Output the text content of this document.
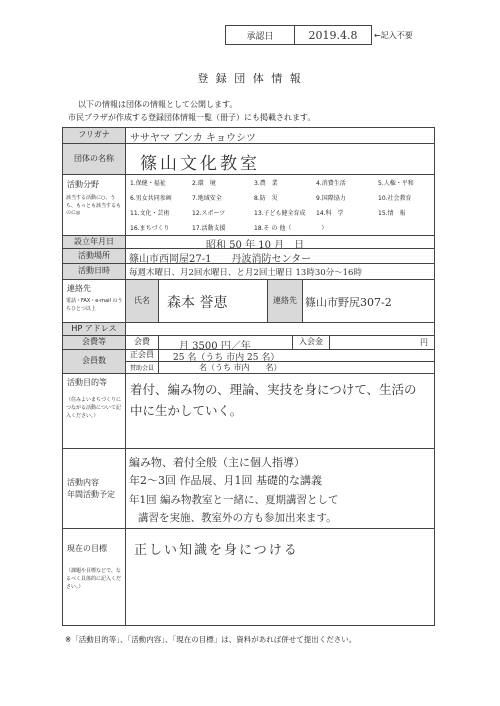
承認日	2019.4.8 ←記入不要
登 録 団 体 情 報
以下の情報は団体の情報として公開します。
市民プラザが作成する登録団体情報一覧（冊子）にも掲載されます。
フリガナ ササヤマ ブンカ キョウシツ
団体の名称 篠山文化教室
活動分野
該当する活動に○、うち、もっとも該当するものに◎
1.保健・福祉	2.環　境	3.農　業	4.消費生活	5.人権・平和
6.男女共同参画	7.地域安全	8.防　災	9.国際協力	10.社会教育
11.文化・芸術	12.スポーツ	13.子ども健全育成 14.科　学	15.情　報
16.まちづくり	17.活動支援	18.そ の 他（　　　　　）
設立年月日	昭和 50 年 10 月　日
活動場所 篠山市西岡屋27-1　　丹波消防センター
活動日時 毎週木曜日、月2回水曜日、と月2回土曜日 13時30分～16時
連絡先
電話・FAX・e-mail のうちひとつ以上
氏名 森本 誉恵	連絡先 篠山市野尻307-2
HP アドレス
会費等	会費	月 3500 円／年	入会金	円
会員数
正会員 25 名（うち 市内 25 名）
賛助会員	名（うち 市内　　名）
活動目的等
（住みよいまちづくりにつながる活動について記入ください。）
着付、編み物の、理論、実技を身につけて、生活の中に生かしていく。
活動内容
年間活動予定
編み物、着付全般（主に個人指導）
年2～3回 作品展、月1回 基礎的な講義
年1回 編み物教室と一緒に、夏期講習として
講習を実施、教室外の方も参加出来ます。
現在の目標
（課題や目標などで、なるべく具体的に記入ください。）
正しい知識を身につける
※「活動目的等」、「活動内容」、「現在の目標」は、資料があれば併せて提出ください。
